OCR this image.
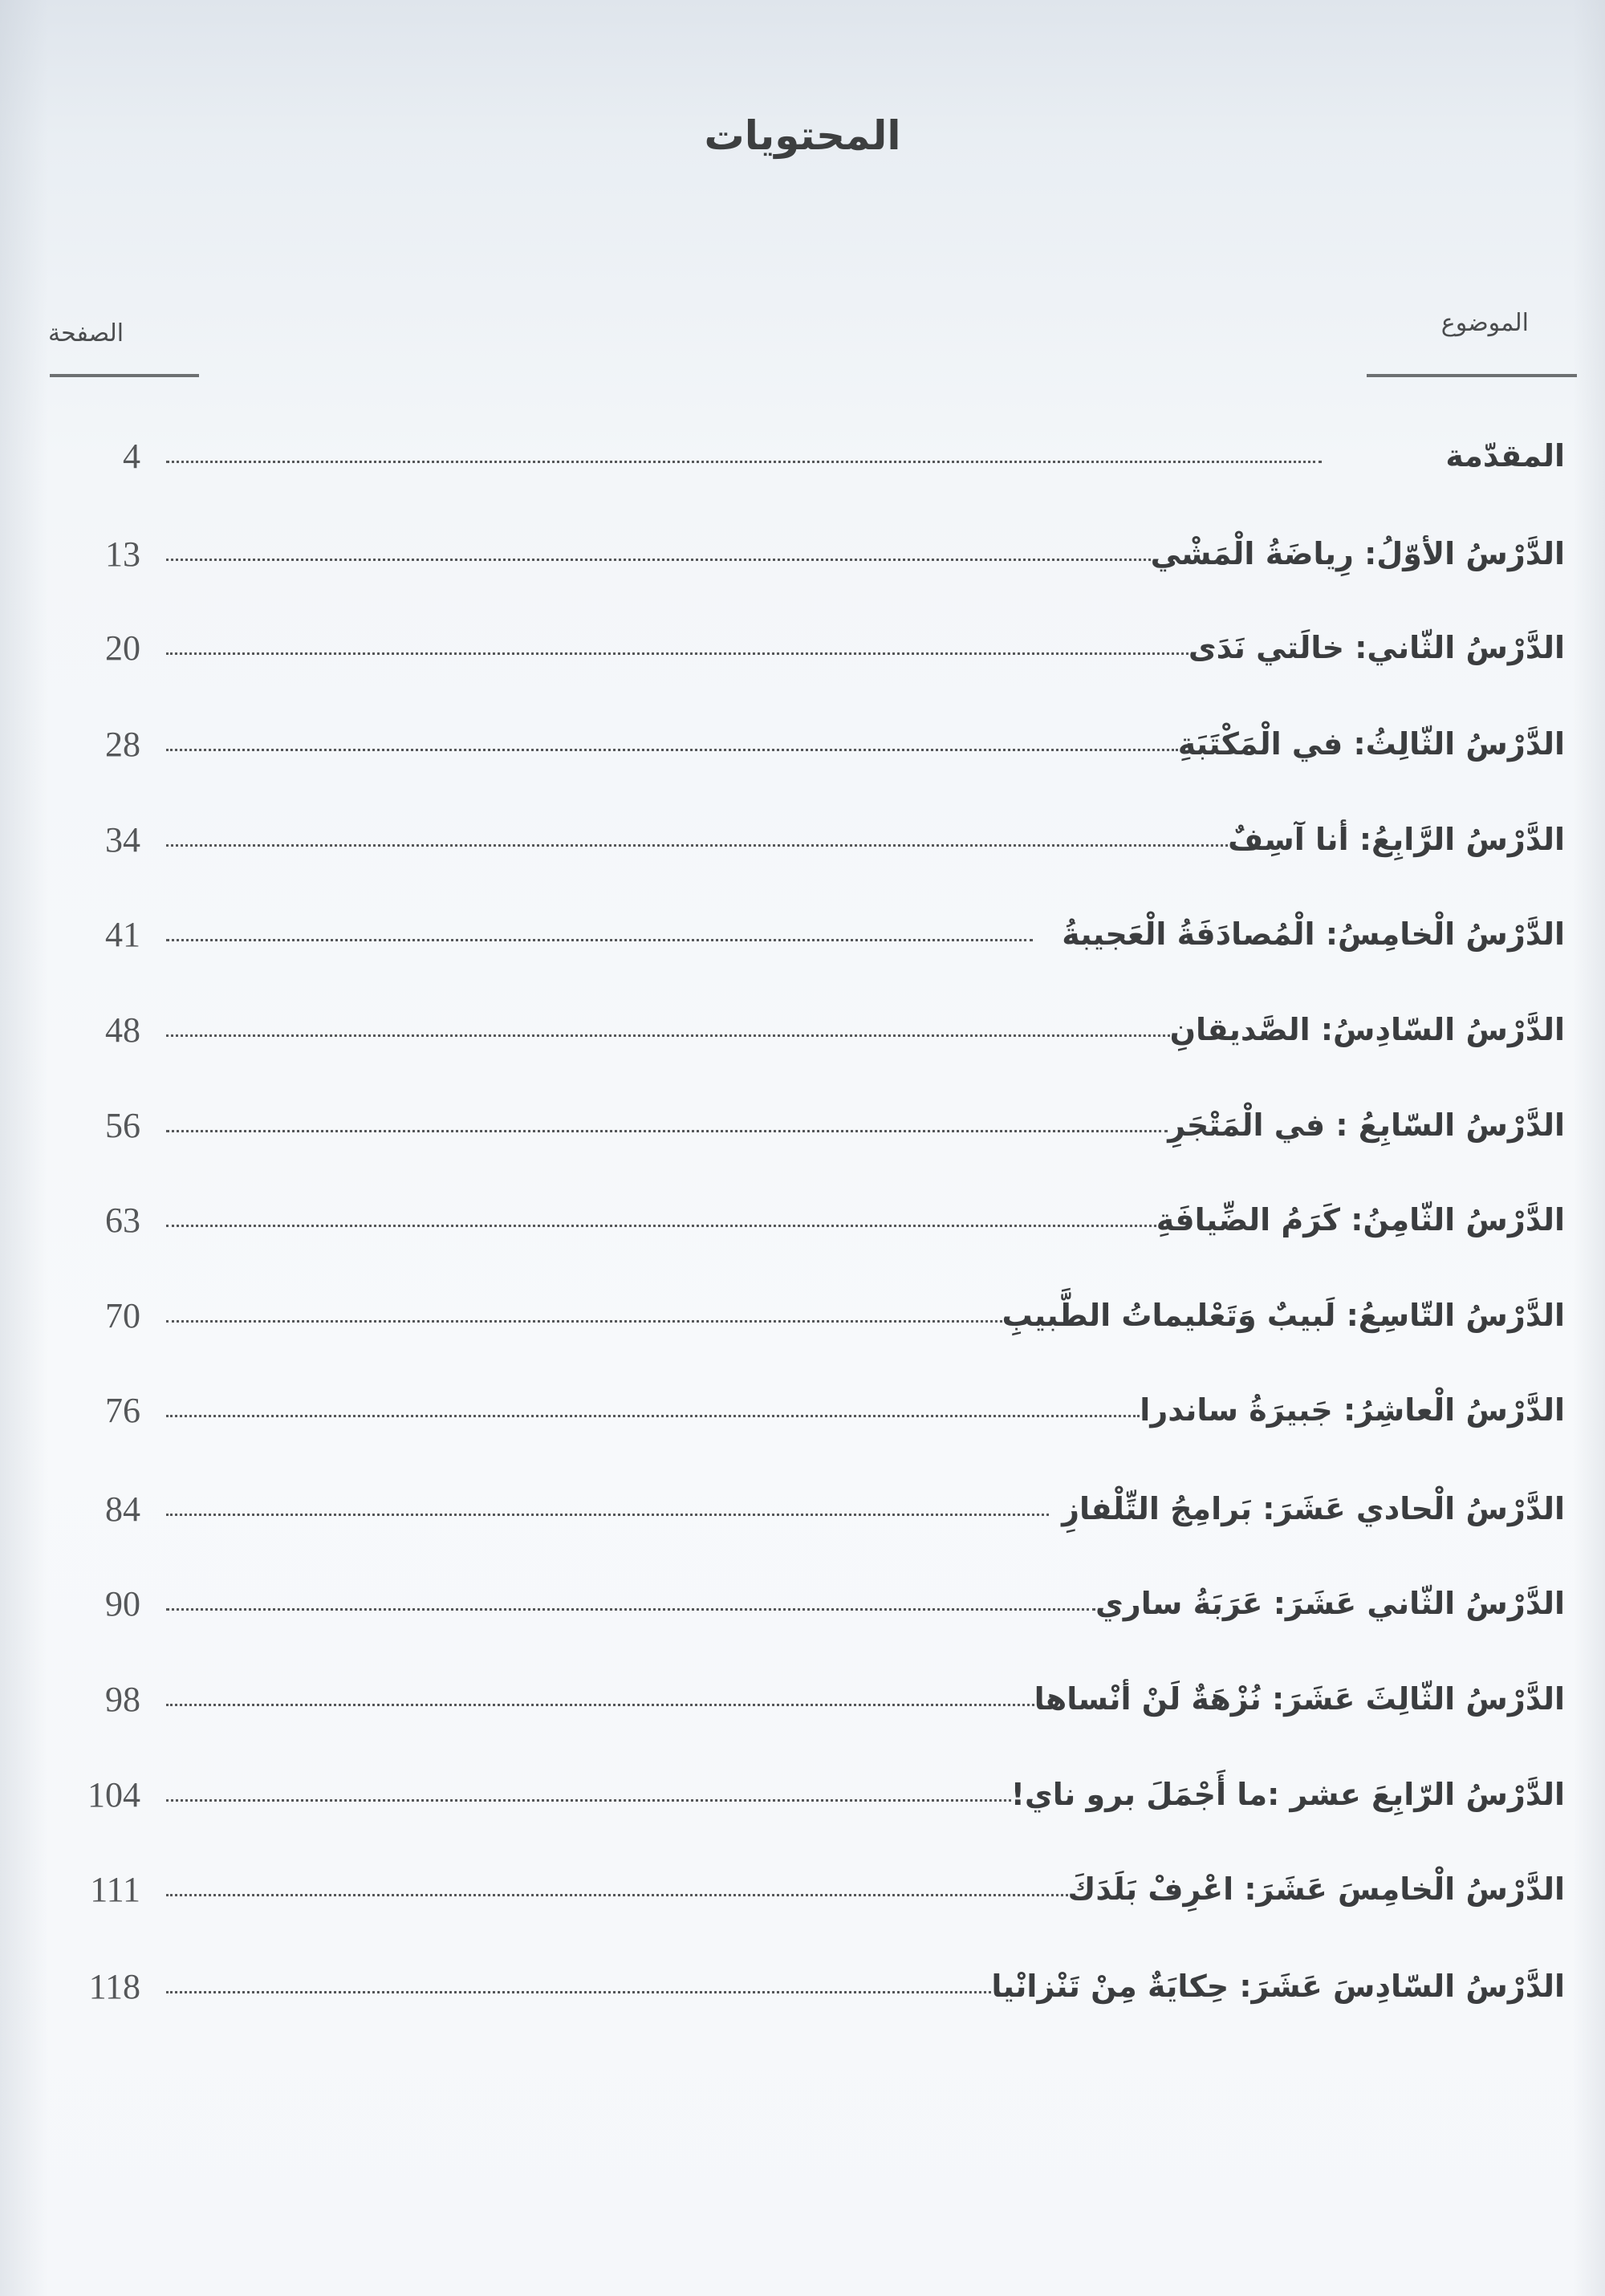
المحتويات
الموضوع
الصفحة
4	المقدّمة
13	الدَّرْسُ الأوّلُ: رِياضَةُ الْمَشْي
20	الدَّرْسُ الثّاني: خالَتي نَدَى
28	الدَّرْسُ الثّالِثُ: في الْمَكْتَبَةِ
34	الدَّرْسُ الرَّابِعُ: أنا آسِفٌ
41	الدَّرْسُ الْخامِسُ: الْمُصادَفَةُ الْعَجيبةُ
48	الدَّرْسُ السّادِسُ: الصَّديقانِ
56	الدَّرْسُ السّابِعُ : في الْمَتْجَرِ
63	الدَّرْسُ الثّامِنُ: كَرَمُ الضِّيافَةِ
70	الدَّرْسُ التّاسِعُ: لَبيبٌ وَتَعْليماتُ الطَّبيبِ
76	الدَّرْسُ الْعاشِرُ: جَبيرَةُ ساندرا
84	الدَّرْسُ الْحادي عَشَرَ: بَرامِجُ التِّلْفازِ
90	الدَّرْسُ الثّاني عَشَرَ: عَرَبَةُ ساري
98	الدَّرْسُ الثّالِثَ عَشَرَ: نُزْهَةٌ لَنْ أنْساها
104	الدَّرْسُ الرّابِعَ عشر :ما أَجْمَلَ برو ناي!
111	الدَّرْسُ الْخامِسَ عَشَرَ: اعْرِفْ بَلَدَكَ
118	الدَّرْسُ السّادِسَ عَشَرَ: حِكايَةٌ مِنْ تَنْزانْيا
